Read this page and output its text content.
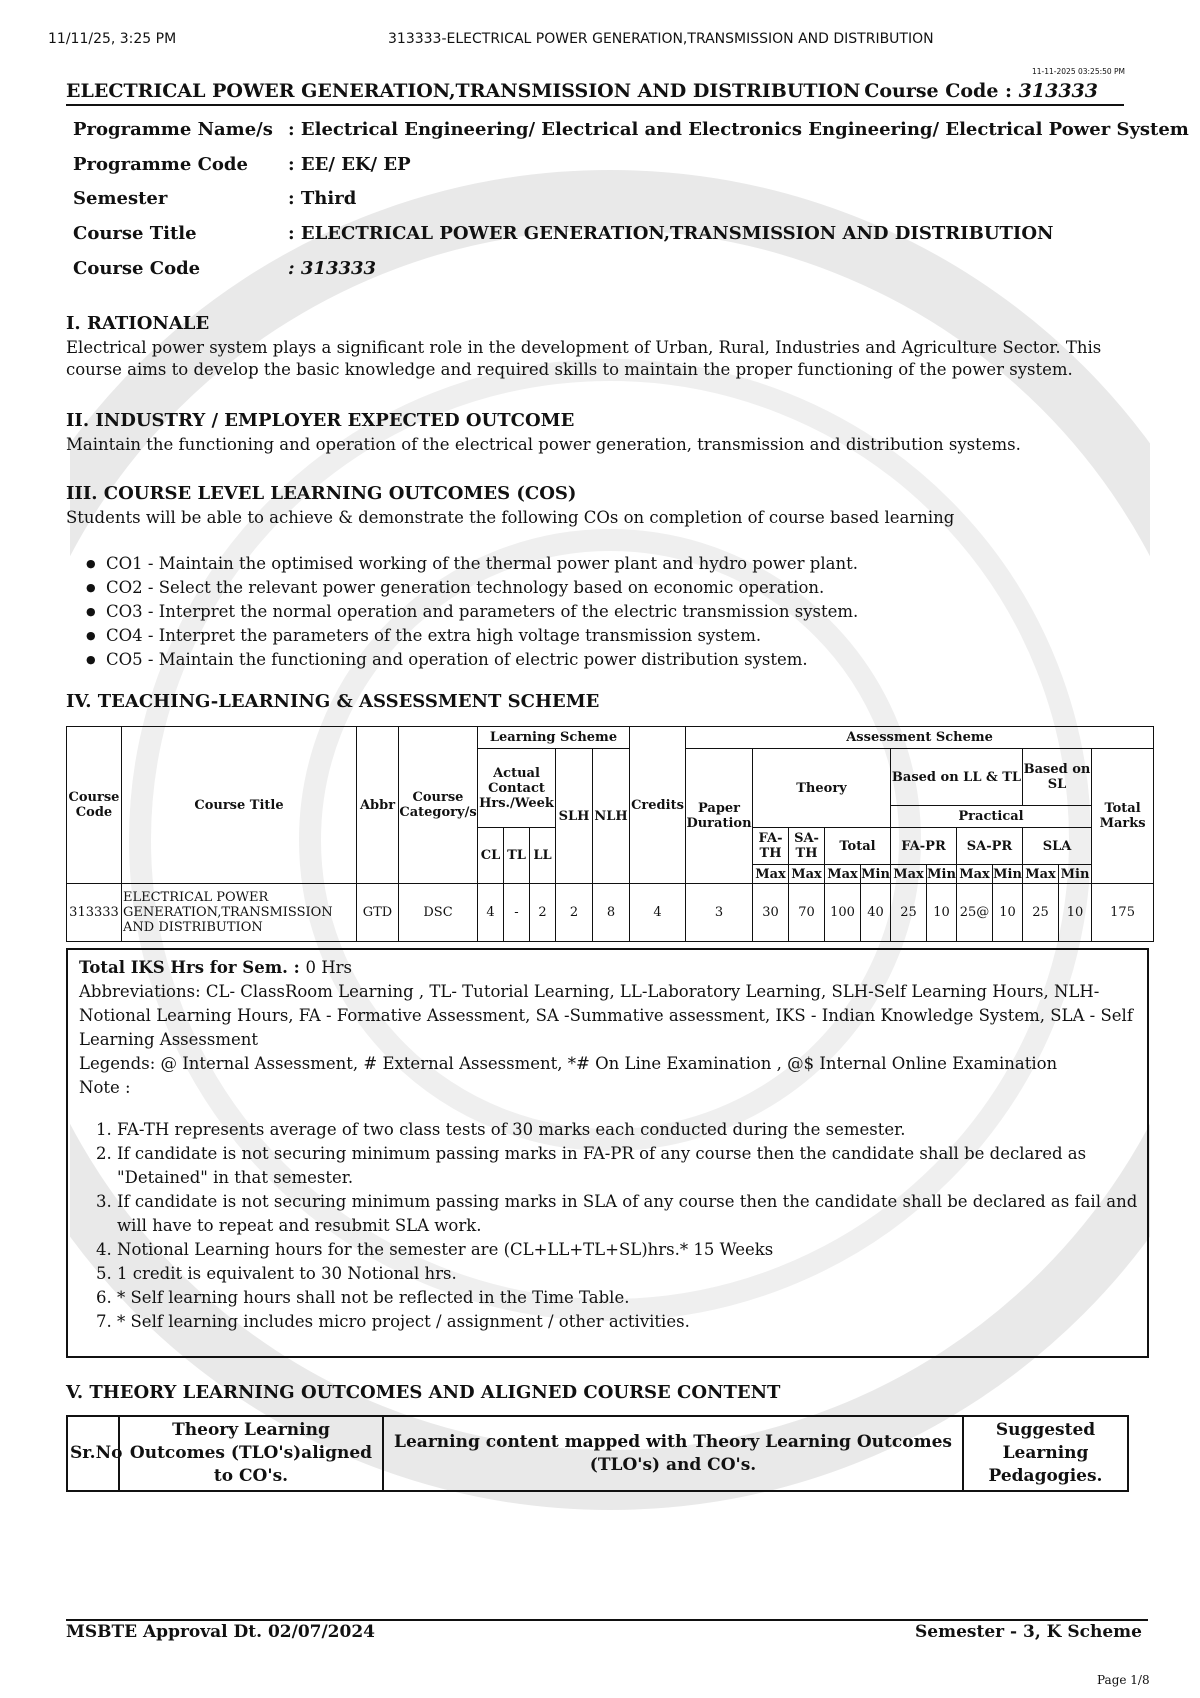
11/11/25, 3:25 PM	313333-ELECTRICAL POWER GENERATION,TRANSMISSION AND DISTRIBUTION
11-11-2025 03:25:50 PM
ELECTRICAL POWER GENERATION,TRANSMISSION AND DISTRIBUTION Course Code : 313333
Programme Name/s : Electrical Engineering/ Electrical and Electronics Engineering/ Electrical Power System
Programme Code : EE/ EK/ EP
Semester	: Third
Course Title	: ELECTRICAL POWER GENERATION,TRANSMISSION AND DISTRIBUTION
Course Code	: 313333
I. RATIONALE
Electrical power system plays a significant role in the development of Urban, Rural, Industries and Agriculture Sector. This course aims to develop the basic knowledge and required skills to maintain the proper functioning of the power system.
II. INDUSTRY / EMPLOYER EXPECTED OUTCOME
Maintain the functioning and operation of the electrical power generation, transmission and distribution systems.
III. COURSE LEVEL LEARNING OUTCOMES (COS)
Students will be able to achieve & demonstrate the following COs on completion of course based learning
● CO1 - Maintain the optimised working of the thermal power plant and hydro power plant.
● CO2 - Select the relevant power generation technology based on economic operation.
● CO3 - Interpret the normal operation and parameters of the electric transmission system.
● CO4 - Interpret the parameters of the extra high voltage transmission system.
● CO5 - Maintain the functioning and operation of electric power distribution system.
IV. TEACHING-LEARNING & ASSESSMENT SCHEME
Course Code	Course Title	Abbr	Course Category/s	Learning Scheme					Credits	Assessment Scheme											
				Actual Contact Hrs./Week			SLH	NLH		Paper Duration	Theory				Based on LL & TL				Based on SL		Total Marks
															Practical						
				CL	TL	LL					FA-TH	SA-TH	Total		FA-PR		SA-PR		SLA		
											Max	Max	Max	Min	Max	Min	Max	Min	Max	Min	
313333	ELECTRICAL POWER GENERATION,TRANSMISSION AND DISTRIBUTION	GTD	DSC	4	-	2	2	8	4	3	30	70	100	40	25	10	25@	10	25	10	175
Total IKS Hrs for Sem. : 0 Hrs
Abbreviations: CL- ClassRoom Learning , TL- Tutorial Learning, LL-Laboratory Learning, SLH-Self Learning Hours, NLH-Notional Learning Hours, FA - Formative Assessment, SA -Summative assessment, IKS - Indian Knowledge System, SLA - Self Learning Assessment
Legends: @ Internal Assessment, # External Assessment, *# On Line Examination , @$ Internal Online Examination
Note :
1. FA-TH represents average of two class tests of 30 marks each conducted during the semester.
2. If candidate is not securing minimum passing marks in FA-PR of any course then the candidate shall be declared as "Detained" in that semester.
3. If candidate is not securing minimum passing marks in SLA of any course then the candidate shall be declared as fail and will have to repeat and resubmit SLA work.
4. Notional Learning hours for the semester are (CL+LL+TL+SL)hrs.* 15 Weeks
5. 1 credit is equivalent to 30 Notional hrs.
6. * Self learning hours shall not be reflected in the Time Table.
7. * Self learning includes micro project / assignment / other activities.
V. THEORY LEARNING OUTCOMES AND ALIGNED COURSE CONTENT
Sr.No	Theory Learning Outcomes (TLO's)aligned to CO's.	Learning content mapped with Theory Learning Outcomes (TLO's) and CO's.	Suggested Learning Pedagogies.
MSBTE Approval Dt. 02/07/2024	Semester - 3, K Scheme
Page 1/8
